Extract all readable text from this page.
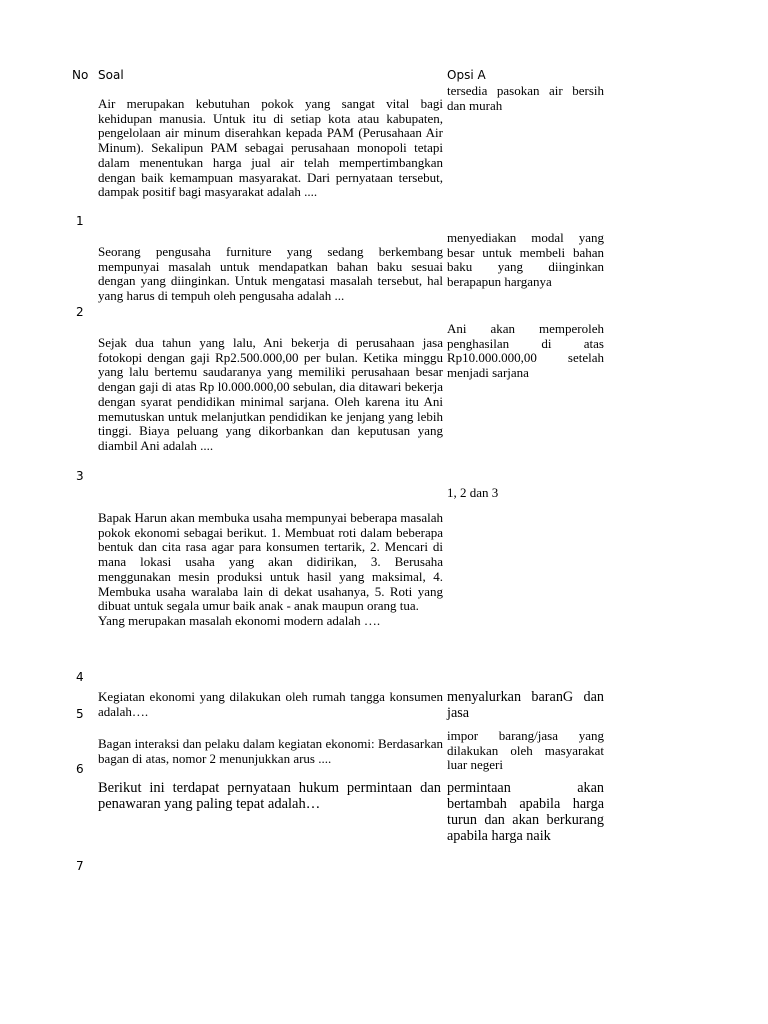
No Soal	Opsi A
Air merupakan kebutuhan pokok yang sangat vital bagi kehidupan manusia. Untuk itu di setiap kota atau kabupaten, pengelolaan air minum diserahkan kepada PAM (Perusahaan Air Minum). Sekalipun PAM sebagai perusahaan monopoli tetapi dalam menentukan harga jual air telah mempertimbangkan dengan baik kemampuan masyarakat. Dari pernyataan tersebut, dampak positif bagi masyarakat adalah ....
tersedia pasokan air bersih dan murah
1
Seorang pengusaha furniture yang sedang berkembang mempunyai masalah untuk mendapatkan bahan baku sesuai dengan yang diinginkan. Untuk mengatasi masalah tersebut, hal yang harus di tempuh oleh pengusaha adalah ...
menyediakan modal yang besar untuk membeli bahan baku yang diinginkan berapapun harganya
2
Sejak dua tahun yang lalu, Ani bekerja di perusahaan jasa fotokopi dengan gaji Rp2.500.000,00 per bulan. Ketika minggu yang lalu bertemu saudaranya yang memiliki perusahaan besar dengan gaji di atas Rp l0.000.000,00 sebulan, dia ditawari bekerja dengan syarat pendidikan minimal sarjana. Oleh karena itu Ani memutuskan untuk melanjutkan pendidikan ke jenjang yang lebih tinggi. Biaya peluang yang dikorbankan dan keputusan yang diambil Ani adalah ....
Ani akan memperoleh penghasilan di atas Rp10.000.000,00 setelah menjadi sarjana
3
Bapak Harun akan membuka usaha mempunyai beberapa masalah pokok ekonomi sebagai berikut. 1. Membuat roti dalam beberapa bentuk dan cita rasa agar para konsumen tertarik, 2. Mencari di mana lokasi usaha yang akan didirikan, 3. Berusaha menggunakan mesin produksi untuk hasil yang maksimal, 4. Membuka usaha waralaba lain di dekat usahanya, 5. Roti yang dibuat untuk segala umur baik anak - anak maupun orang tua.
Yang merupakan masalah ekonomi modern adalah ….
1, 2 dan 3
4
Kegiatan ekonomi yang dilakukan oleh rumah tangga konsumen adalah….
menyalurkan baranG dan jasa
5
Bagan interaksi dan pelaku dalam kegiatan ekonomi: Berdasarkan bagan di atas, nomor 2 menunjukkan arus ....
impor barang/jasa yang dilakukan oleh masyarakat luar negeri
6
Berikut ini terdapat pernyataan hukum permintaan dan penawaran yang paling tepat adalah…
permintaan akan bertambah apabila harga turun dan akan berkurang apabila harga naik
7
